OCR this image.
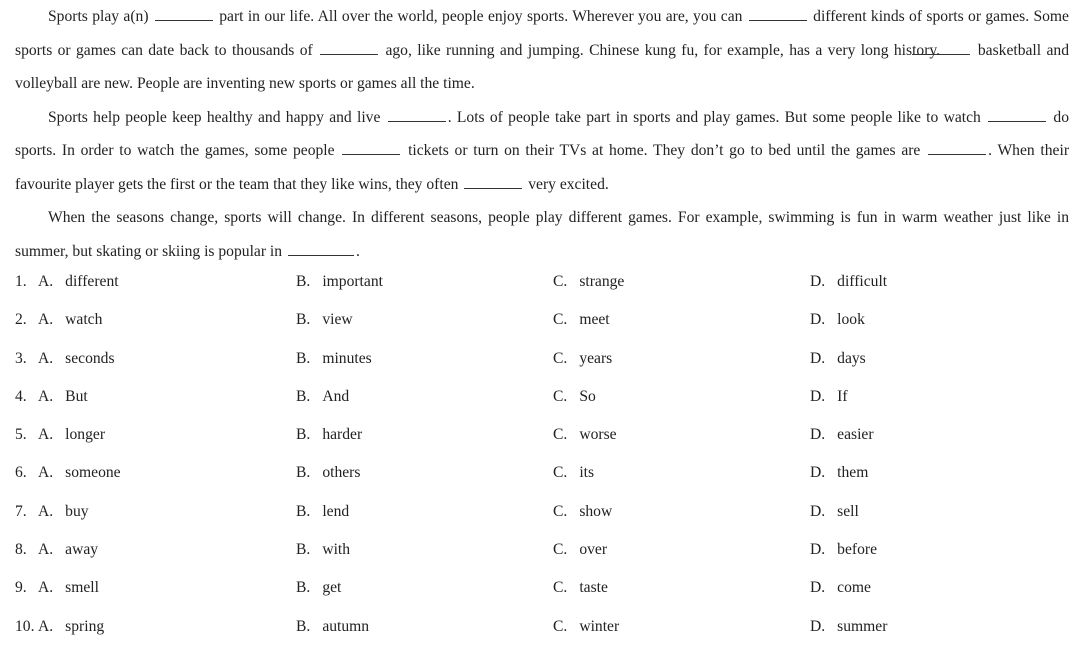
Sports play a(n)	part in our life. All over the world, people enjoy sports. Wherever you are, you can	different kinds of sports or games. Some sports or games can date back to thousands of	ago, like running and jumping. Chinese kung fu, for example, has a very long history. basketball and volleyball are new. People are inventing new sports or games all the time.

Sports help people keep healthy and happy and live	. Lots of people take part in sports and play games. But some people like to watch	do sports. In order to watch the games, some people	tickets or turn on their TVs at home. They don’t go to bed until the games are	. When their favourite player gets the first or the team that they like wins, they often	very excited.

When the seasons change, sports will change. In different seasons, people play different games. For example, swimming is fun in warm weather just like in summer, but skating or skiing is popular in	.

1. A. different	B. important	C. strange	D. difficult
2. A. watch	B. view	C. meet	D. look
3. A. seconds	B. minutes	C. years	D. days
4. A. But	B. And	C. So	D. If
5. A. longer	B. harder	C. worse	D. easier
6. A. someone	B. others	C. its	D. them
7. A. buy	B. lend	C. show	D. sell
8. A. away	B. with	C. over	D. before
9. A. smell	B. get	C. taste	D. come
10. A. spring	B. autumn	C. winter	D. summer
